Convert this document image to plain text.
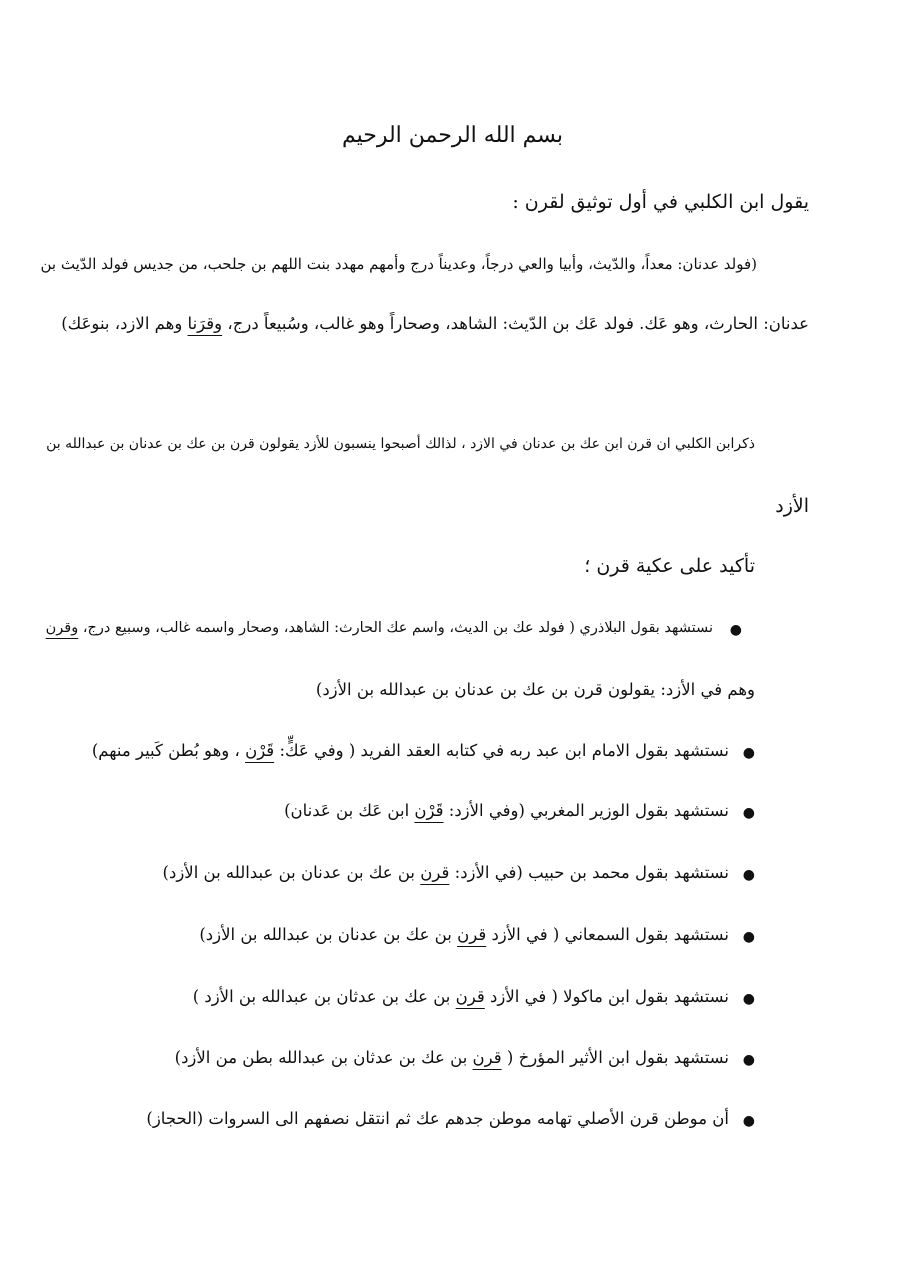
بسم الله الرحمن الرحيم
يقول ابن الكلبي في أول توثيق لقرن :
(فولد عدنان: معداً، والدّيث، وأبيا والعي درجاً، وعديناً درج وأمهم مهدد بنت اللهم بن جلحب، من جديس فولد الدّيث بن
عدنان: الحارث، وهو عَك. فولد عَك بن الدّيث: الشاهد، وصحاراً وهو غالب، وسُبيعاً درج، وقرَنا وهم الازد، بنوعَك)
ذكرابن الكلبي ان قرن ابن عك بن عدنان في الازد ، لذالك أصبحوا ينسبون للأزد يقولون قرن بن عك بن عدنان بن عبدالله بن
الأزد
تأكيد على عكية قرن ؛
●
نستشهد بقول البلاذري ( فولد عك بن الديث، واسم عك الحارث: الشاهد، وصحار واسمه غالب، وسبيع درج، وقرن
وهم في الأزد: يقولون قرن بن عك بن عدنان بن عبدالله بن الأزد)
●
نستشهد بقول الامام ابن عبد ربه في كتابه العقد الفريد ( وفي عَكٍّ: قَرْن ، وهو بُطن كَبير منهم)
●
نستشهد بقول الوزير المغربي (وفي الأزد: قَرْن ابن عَك بن عَدنان)
●
نستشهد بقول محمد بن حبيب (في الأزد: قرن بن عك بن عدنان بن عبدالله بن الأزد)
●
نستشهد بقول السمعاني ( في الأزد قرن بن عك بن عدنان بن عبدالله بن الأزد)
●
نستشهد بقول ابن ماكولا ( في الأزد قرن بن عك بن عدثان بن عبدالله بن الأزد )
●
نستشهد بقول ابن الأثير المؤرخ ( قرن بن عك بن عدثان بن عبدالله بطن من الأزد)
●
أن موطن قرن الأصلي تهامه موطن جدهم عك ثم انتقل نصفهم الى السروات (الحجاز)
